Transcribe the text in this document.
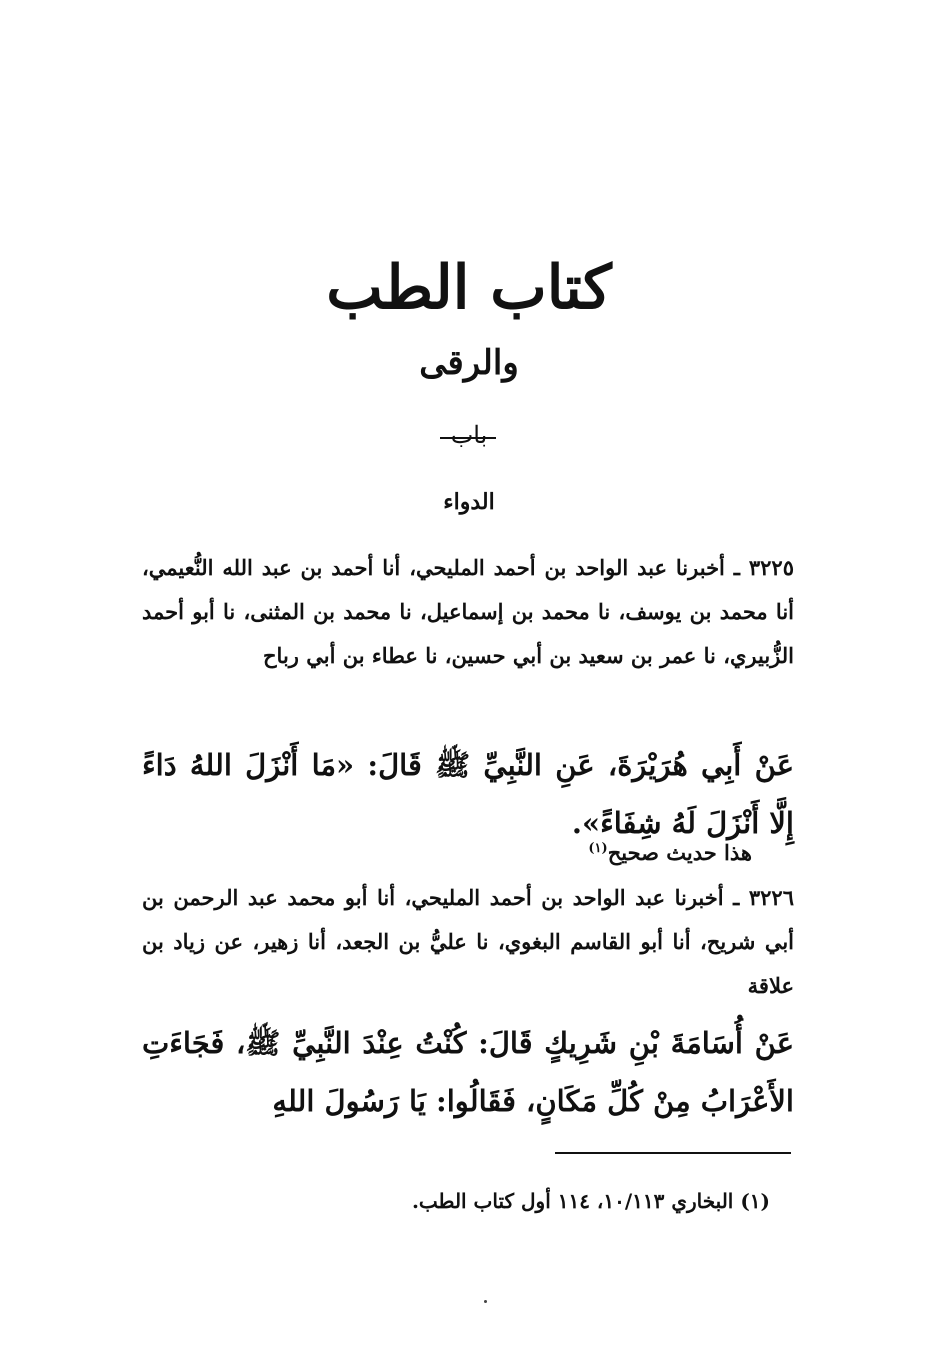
كتاب الطب
والرقى
باب
الدواء
٣٢٢٥ ـ أخبرنا عبد الواحد بن أحمد المليحي، أنا أحمد بن عبد الله النُّعيمي، أنا محمد بن يوسف، نا محمد بن إسماعيل، نا محمد بن المثنى، نا أبو أحمد الزُّبيري، نا عمر بن سعيد بن أبي حسين، نا عطاء بن أبي رباح
عَنْ أَبِي هُرَيْرَةَ، عَنِ النَّبِيِّ ﷺ قَالَ: «مَا أَنْزَلَ اللهُ دَاءً إِلَّا أَنْزَلَ لَهُ شِفَاءً».
هذا حديث صحيح$^{(١)}$
٣٢٢٦ ـ أخبرنا عبد الواحد بن أحمد المليحي، أنا أبو محمد عبد الرحمن بن أبي شريح، أنا أبو القاسم البغوي، نا عليُّ بن الجعد، أنا زهير، عن زياد بن علاقة
عَنْ أُسَامَةَ بْنِ شَرِيكٍ قَالَ: كُنْتُ عِنْدَ النَّبِيِّ ﷺ، فَجَاءَتِ الأَعْرَابُ مِنْ كُلِّ مَكَانٍ، فَقَالُوا: يَا رَسُولَ اللهِ
(١) البخاري ١٠/١١٣، ١١٤ أول كتاب الطب.
